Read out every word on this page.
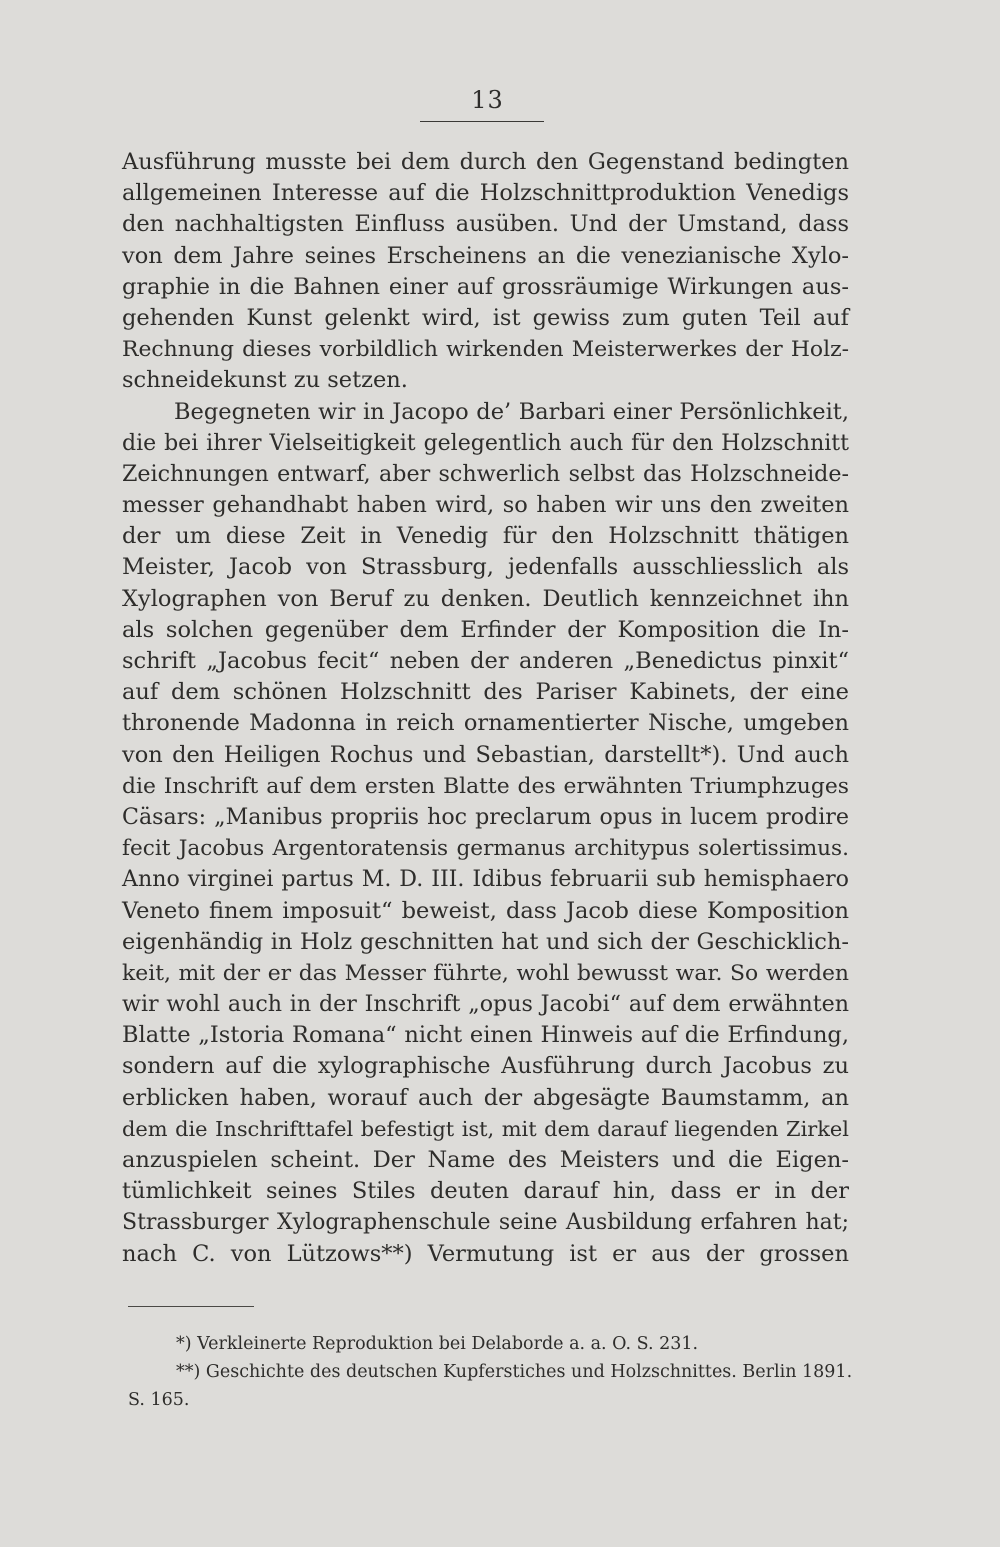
13
Ausführung musste bei dem durch den Gegenstand bedingten
allgemeinen Interesse auf die Holzschnittproduktion Venedigs
den nachhaltigsten Einfluss ausüben. Und der Umstand, dass
von dem Jahre seines Erscheinens an die venezianische Xylo-
graphie in die Bahnen einer auf grossräumige Wirkungen aus-
gehenden Kunst gelenkt wird, ist gewiss zum guten Teil auf
Rechnung dieses vorbildlich wirkenden Meisterwerkes der Holz-
schneidekunst zu setzen.
Begegneten wir in Jacopo de’ Barbari einer Persönlichkeit,
die bei ihrer Vielseitigkeit gelegentlich auch für den Holzschnitt
Zeichnungen entwarf, aber schwerlich selbst das Holzschneide-
messer gehandhabt haben wird, so haben wir uns den zweiten
der um diese Zeit in Venedig für den Holzschnitt thätigen
Meister, Jacob von Strassburg, jedenfalls ausschliesslich als
Xylographen von Beruf zu denken. Deutlich kennzeichnet ihn
als solchen gegenüber dem Erfinder der Komposition die In-
schrift „Jacobus fecit“ neben der anderen „Benedictus pinxit“
auf dem schönen Holzschnitt des Pariser Kabinets, der eine
thronende Madonna in reich ornamentierter Nische, umgeben
von den Heiligen Rochus und Sebastian, darstellt*). Und auch
die Inschrift auf dem ersten Blatte des erwähnten Triumphzuges
Cäsars: „Manibus propriis hoc preclarum opus in lucem prodire
fecit Jacobus Argentoratensis germanus architypus solertissimus.
Anno virginei partus M. D. III. Idibus februarii sub hemisphaero
Veneto finem imposuit“ beweist, dass Jacob diese Komposition
eigenhändig in Holz geschnitten hat und sich der Geschicklich-
keit, mit der er das Messer führte, wohl bewusst war. So werden
wir wohl auch in der Inschrift „opus Jacobi“ auf dem erwähnten
Blatte „Istoria Romana“ nicht einen Hinweis auf die Erfindung,
sondern auf die xylographische Ausführung durch Jacobus zu
erblicken haben, worauf auch der abgesägte Baumstamm, an
dem die Inschrifttafel befestigt ist, mit dem darauf liegenden Zirkel
anzuspielen scheint. Der Name des Meisters und die Eigen-
tümlichkeit seines Stiles deuten darauf hin, dass er in der
Strassburger Xylographenschule seine Ausbildung erfahren hat;
nach C. von Lützows**) Vermutung ist er aus der grossen
*) Verkleinerte Reproduktion bei Delaborde a. a. O. S. 231.
**) Geschichte des deutschen Kupferstiches und Holzschnittes. Berlin 1891.
S. 165.
